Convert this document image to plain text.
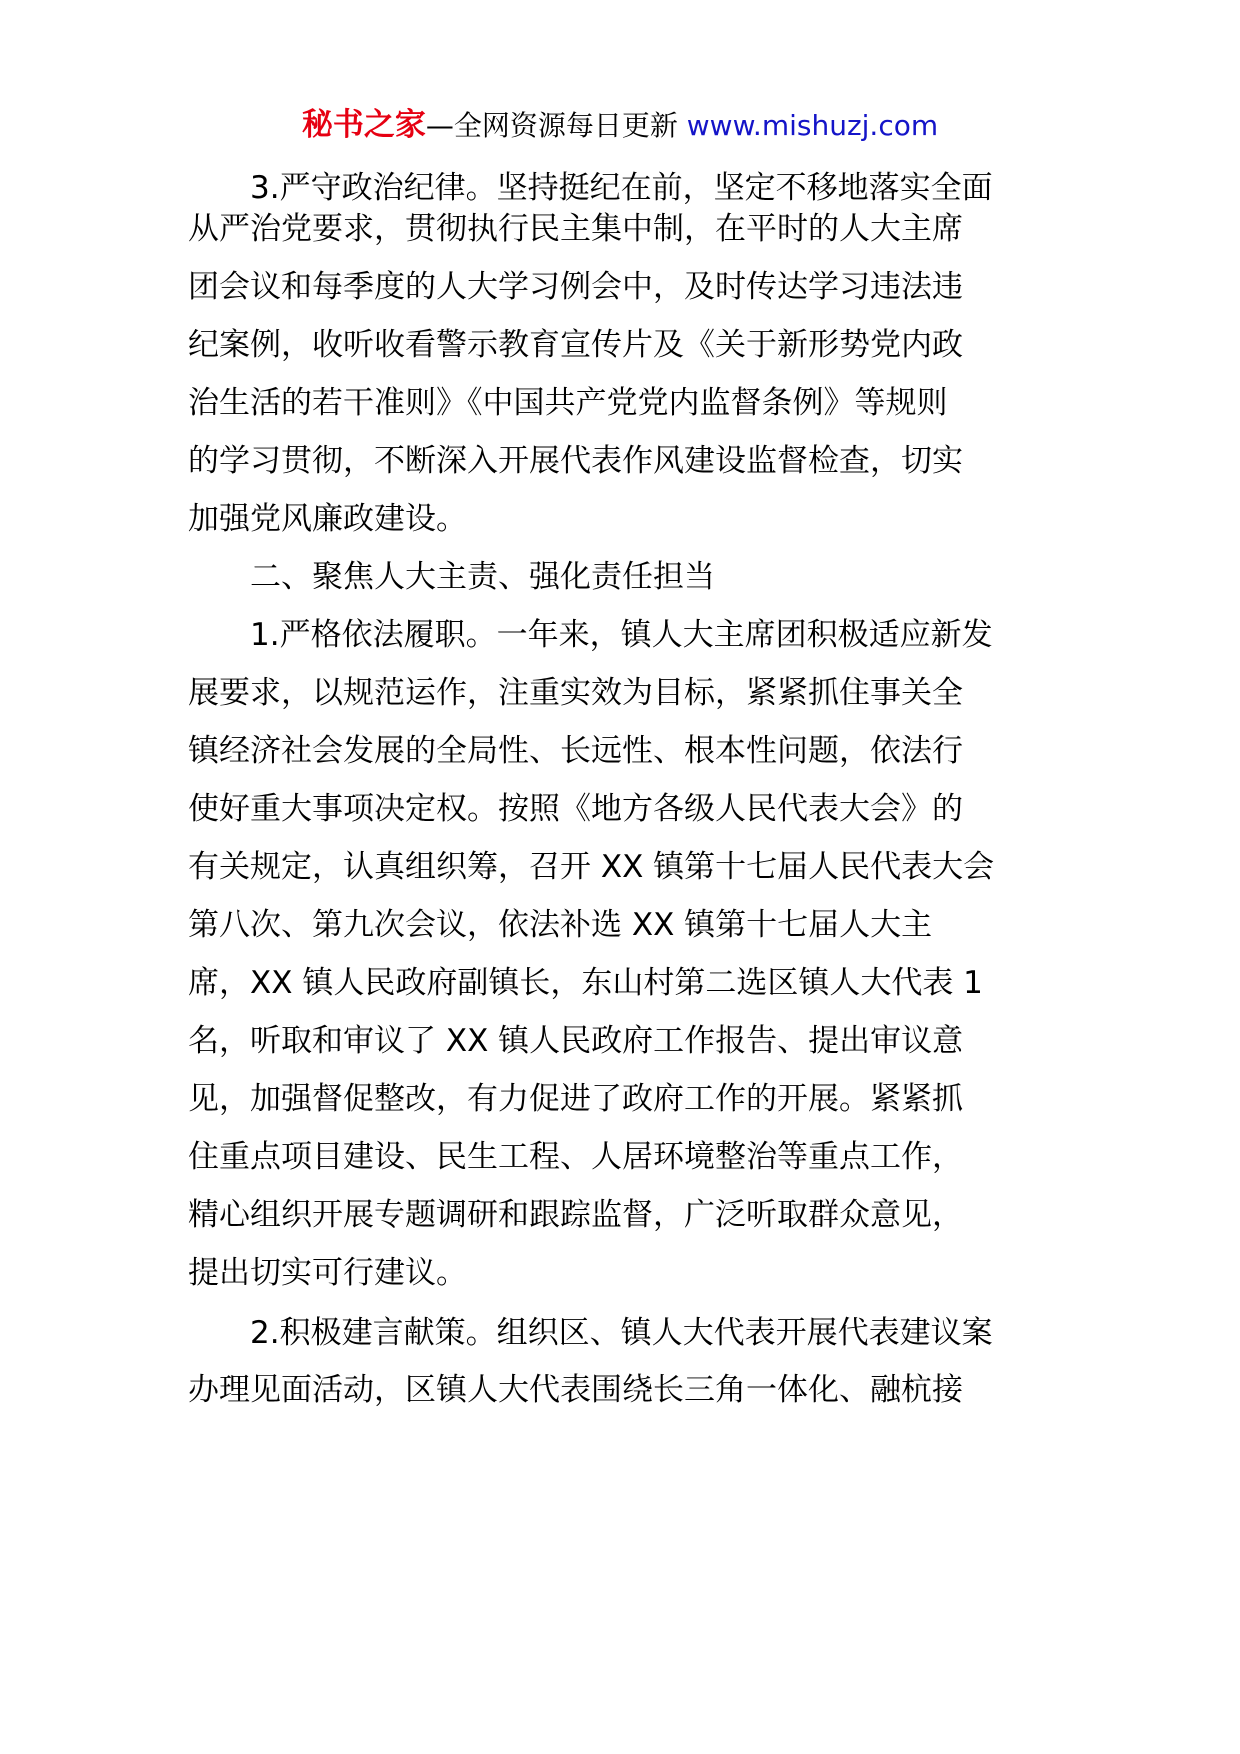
秘书之家—全网资源每日更新 www.mishuzj.com
3.严守政治纪律。坚持挺纪在前，坚定不移地落实全面
从严治党要求，贯彻执行民主集中制，在平时的人大主席
团会议和每季度的人大学习例会中，及时传达学习违法违
纪案例，收听收看警示教育宣传片及《关于新形势党内政
治生活的若干准则》《中国共产党党内监督条例》等规则
的学习贯彻，不断深入开展代表作风建设监督检查，切实
加强党风廉政建设。
二、聚焦人大主责、强化责任担当
1.严格依法履职。一年来，镇人大主席团积极适应新发
展要求，以规范运作，注重实效为目标，紧紧抓住事关全
镇经济社会发展的全局性、长远性、根本性问题，依法行
使好重大事项决定权。按照《地方各级人民代表大会》的
有关规定，认真组织筹，召开 XX 镇第十七届人民代表大会
第八次、第九次会议，依法补选 XX 镇第十七届人大主
席，XX 镇人民政府副镇长，东山村第二选区镇人大代表 1
名，听取和审议了 XX 镇人民政府工作报告、提出审议意
见，加强督促整改，有力促进了政府工作的开展。紧紧抓
住重点项目建设、民生工程、人居环境整治等重点工作，
精心组织开展专题调研和跟踪监督，广泛听取群众意见，
提出切实可行建议。
2.积极建言献策。组织区、镇人大代表开展代表建议案
办理见面活动，区镇人大代表围绕长三角一体化、融杭接
